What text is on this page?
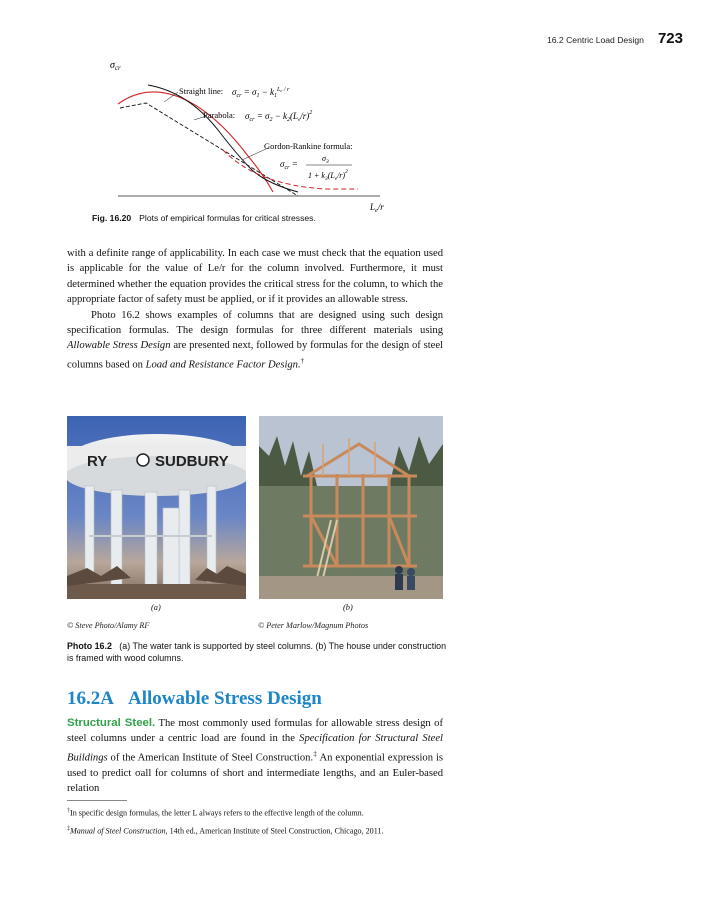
16.2 Centric Load Design 723
$\sigma_{cr}$
$L_e/r$
Straight line: $\sigma_{cr} = \sigma_1 - k_1^Le / r$
Parabola: $\sigma_{cr} = \sigma_2 - k_2(L_e/r)^2$
Gordon-Rankine formula:
$\sigma_{cr}$ =
$\sigma_3$
$1 + k_3(L_e/r)^2$
Fig. 16.20 Plots of empirical formulas for critical stresses.

with a definite range of applicability. In each case we must check that the equation used is applicable for the value of Le/r for the column involved. Furthermore, it must determined whether the equation provides the critical stress for the column, to which the appropriate factor of safety must be applied, or if it provides an allowable stress.

Photo 16.2 shows examples of columns that are designed using such design specification formulas. The design formulas for three different materials using Allowable Stress Design are presented next, followed by formulas for the design of steel columns based on Load and Resistance Factor Design.†

RY	SUDBURY
(a)	(b)
© Steve Photo/Alamy RF	© Peter Marlow/Magnum Photos
Photo 16.2 (a) The water tank is supported by steel columns. (b) The house under construction is framed with wood columns.
16.2A Allowable Stress Design

Structural Steel. The most commonly used formulas for allowable stress design of steel columns under a centric load are found in the Specification for Structural Steel Buildings of the American Institute of Steel Construction.‡ An exponential expression is used to predict σall for columns of short and intermediate lengths, and an Euler-based relation

†In specific design formulas, the letter L always refers to the effective length of the column.
‡Manual of Steel Construction, 14th ed., American Institute of Steel Construction, Chicago, 2011.
